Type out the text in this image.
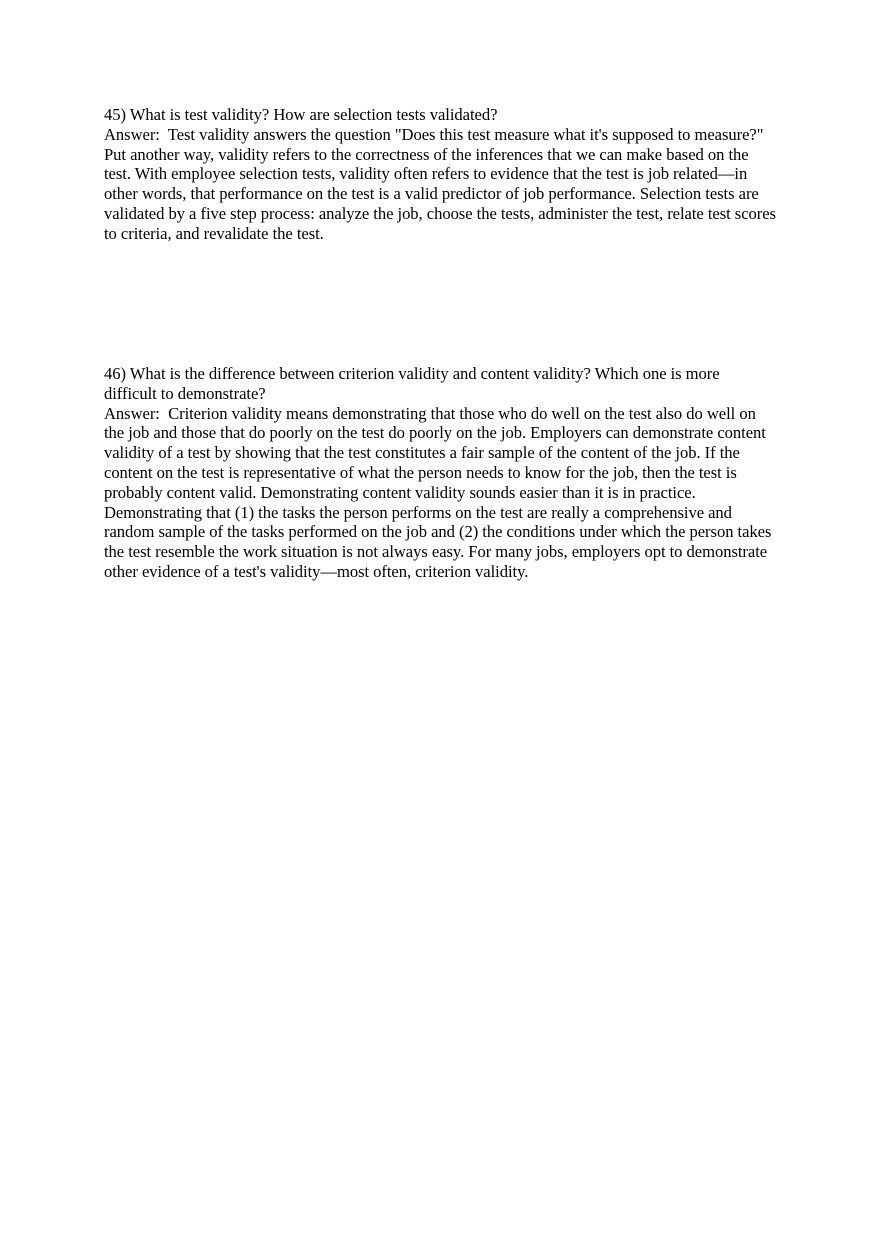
45) What is test validity? How are selection tests validated?

Answer:  Test validity answers the question "Does this test measure what it's supposed to measure?" Put another way, validity refers to the correctness of the inferences that we can make based on the test. With employee selection tests, validity often refers to evidence that the test is job related—in other words, that performance on the test is a valid predictor of job performance. Selection tests are validated by a five step process: analyze the job, choose the tests, administer the test, relate test scores to criteria, and revalidate the test.

46) What is the difference between criterion validity and content validity? Which one is more difficult to demonstrate?

Answer:  Criterion validity means demonstrating that those who do well on the test also do well on the job and those that do poorly on the test do poorly on the job. Employers can demonstrate content validity of a test by showing that the test constitutes a fair sample of the content of the job. If the content on the test is representative of what the person needs to know for the job, then the test is probably content valid. Demonstrating content validity sounds easier than it is in practice. Demonstrating that (1) the tasks the person performs on the test are really a comprehensive and random sample of the tasks performed on the job and (2) the conditions under which the person takes the test resemble the work situation is not always easy. For many jobs, employers opt to demonstrate other evidence of a test's validity—most often, criterion validity.
